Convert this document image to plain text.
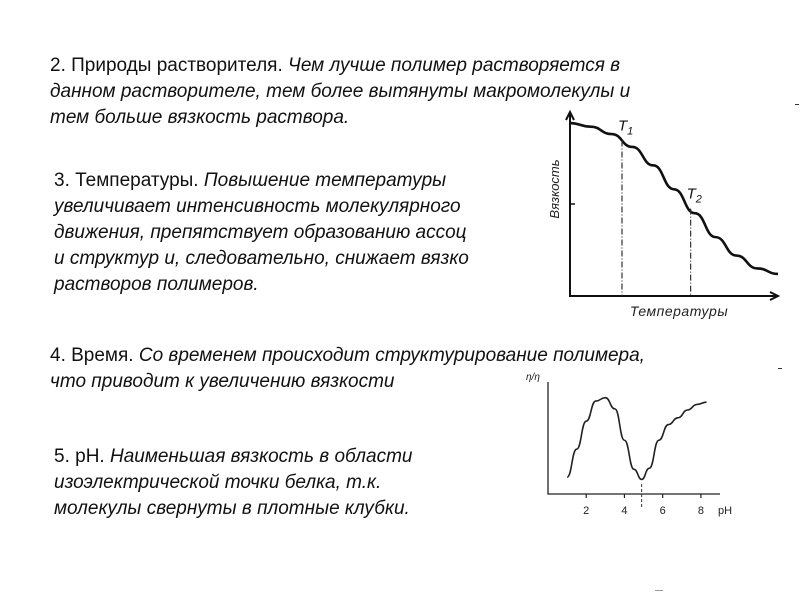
2. Природы растворителя. Чем лучше полимер растворяется в
данном растворителе, тем более вытянуты макромолекулы и
тем больше вязкость раствора.
3. Температуры. Повышение температуры
увеличивает интенсивность молекулярного
движения, препятствует образованию ассоц
и структур и, следовательно, снижает вязко
растворов полимеров.
4. Время. Со временем происходит структурирование полимера,
что приводит к увеличению вязкости
5. pH. Наименьшая вязкость в области
изоэлектрической точки белка, т.к.
молекулы свернуты в плотные клубки.
$T_1$
$T_2$
Температуры
Вязкость
2	4	6	8 pH
η/η
